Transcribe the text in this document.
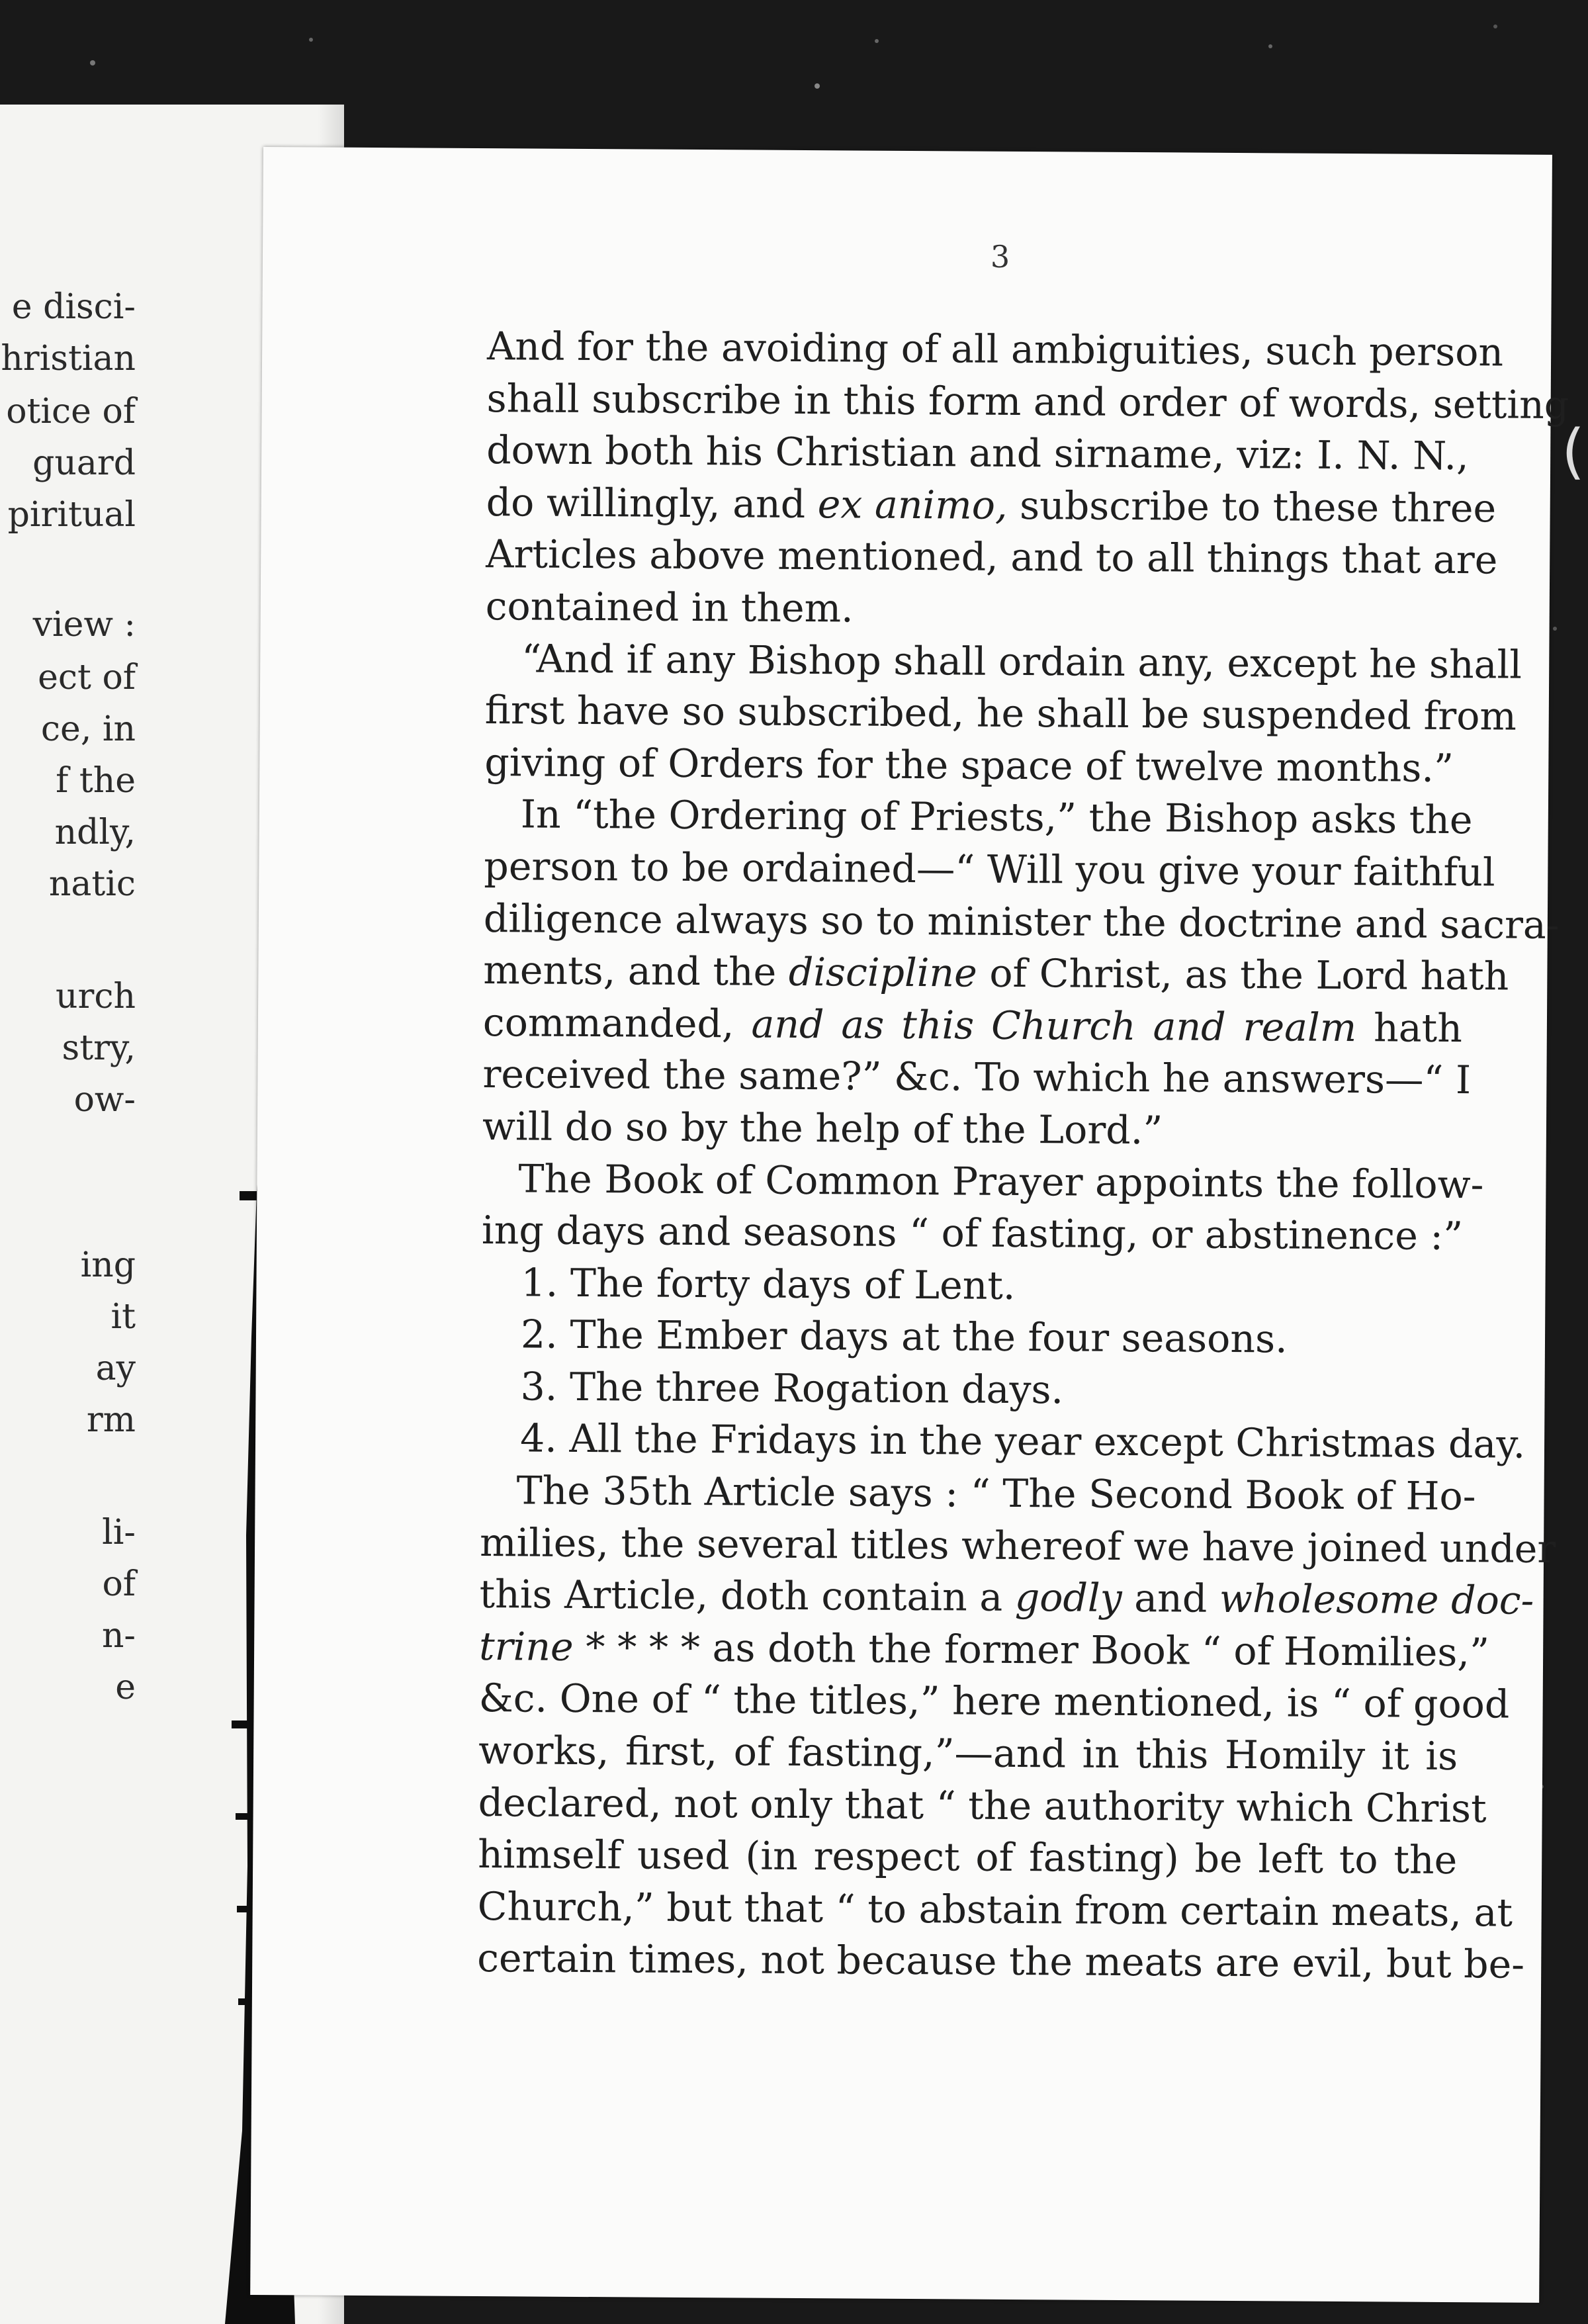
e disci-
hristian
otice of
guard
piritual
view :
ect of
ce, in
f the
ndly,
natic
urch
stry,
ow-
ing
it
ay
rm
li-
of
n-
e
3
And for the avoiding of all ambiguities, such person
shall subscribe in this form and order of words, setting
down both his Christian and sirname, viz: I. N. N.,
do willingly, and ex animo, subscribe to these three
Articles above mentioned, and to all things that are
contained in them.
“And if any Bishop shall ordain any, except he shall
first have so subscribed, he shall be suspended from
giving of Orders for the space of twelve months.”
In “the Ordering of Priests,” the Bishop asks the
person to be ordained—“ Will you give your faithful
diligence always so to minister the doctrine and sacra-
ments, and the discipline of Christ, as the Lord hath
commanded, and as this Church and realm hath
received the same?” &c. To which he answers—“ I
will do so by the help of the Lord.”
The Book of Common Prayer appoints the follow-
ing days and seasons “ of fasting, or abstinence :”
1. The forty days of Lent.
2. The Ember days at the four seasons.
3. The three Rogation days.
4. All the Fridays in the year except Christmas day.
The 35th Article says : “ The Second Book of Ho-
milies, the several titles whereof we have joined under
this Article, doth contain a godly and wholesome doc-
trine * * * * as doth the former Book “ of Homilies,”
&c. One of “ the titles,” here mentioned, is “ of good
works, first, of fasting,”—and in this Homily it is
declared, not only that “ the authority which Christ
himself used (in respect of fasting) be left to the
Church,” but that “ to abstain from certain meats, at
certain times, not because the meats are evil, but be-
(
